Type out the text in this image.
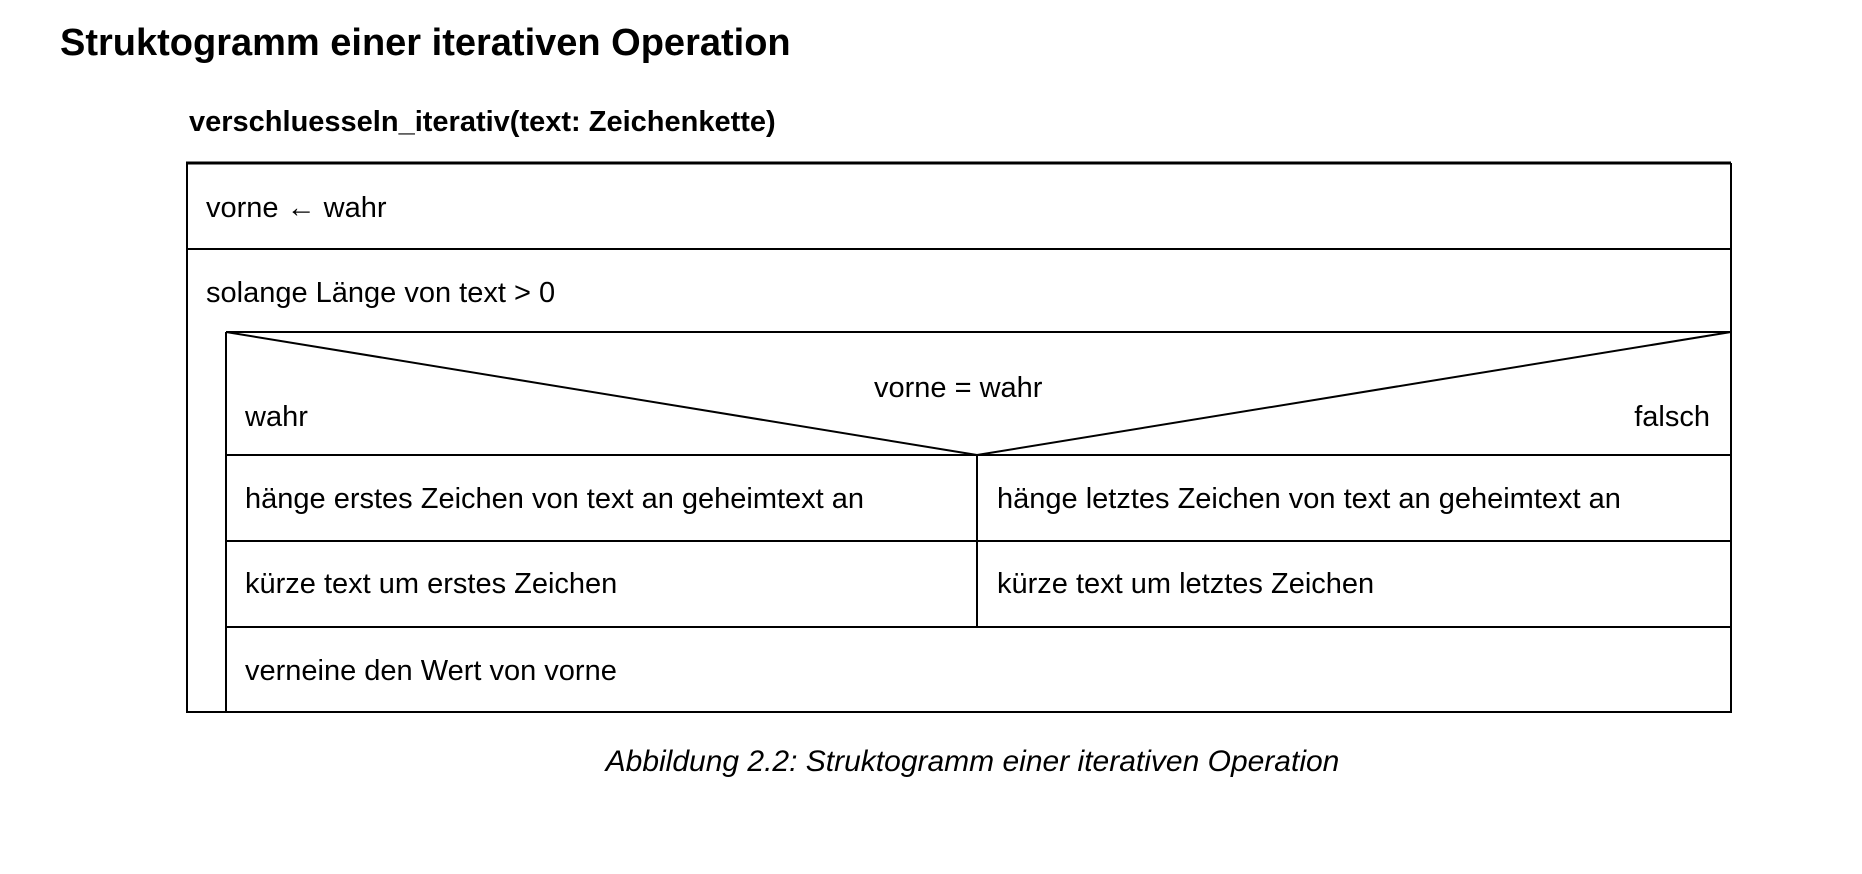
Struktogramm einer iterativen Operation
verschluesseln_iterativ(text: Zeichenkette)
vorne ← wahr
solange Länge von text > 0
vorne = wahr
wahr	falsch
hänge erstes Zeichen von text an geheimtext an	hänge letztes Zeichen von text an geheimtext an
kürze text um erstes Zeichen	kürze text um letztes Zeichen
verneine den Wert von vorne
Abbildung 2.2: Struktogramm einer iterativen Operation
